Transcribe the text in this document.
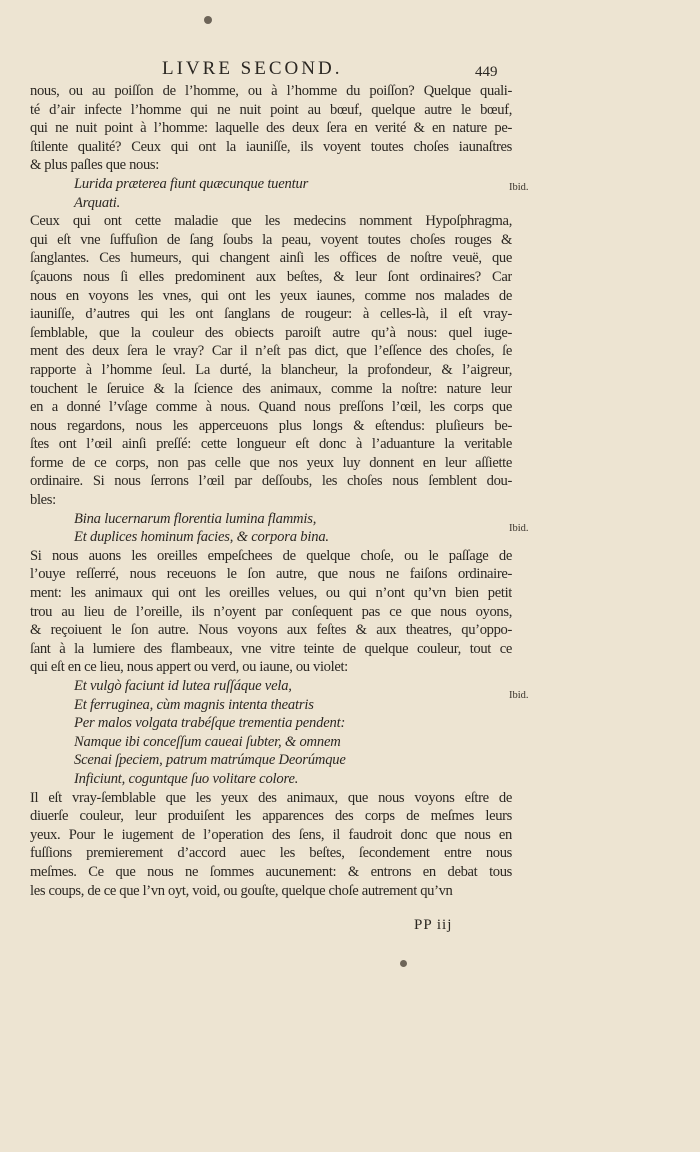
LIVRE SECOND.	449
nous, ou au poiſſon de l’homme, ou à l’homme du poiſſon? Quelque quali-
té d’air infecte l’homme qui ne nuit point au bœuf, quelque autre le bœuf,
qui ne nuit point à l’homme: laquelle des deux ſera en verité & en nature pe-
ſtilente qualité? Ceux qui ont la iauniſſe, ils voyent toutes choſes iaunaſtres
& plus paſles que nous:
Lurida præterea fiunt quæcunque tuentur
Arquati.
Ceux qui ont cette maladie que les medecins nomment Hypoſphragma,
qui eſt vne ſuffuſion de ſang ſoubs la peau, voyent toutes choſes rouges &
ſanglantes. Ces humeurs, qui changent ainſi les offices de noſtre veuë, que
ſçauons nous ſi elles predominent aux beſtes, & leur ſont ordinaires? Car
nous en voyons les vnes, qui ont les yeux iaunes, comme nos malades de
iauniſſe, d’autres qui les ont ſanglans de rougeur: à celles-là, il eſt vray-
ſemblable, que la couleur des obiects paroiſt autre qu’à nous: quel iuge-
ment des deux ſera le vray? Car il n’eſt pas dict, que l’eſſence des choſes, ſe
rapporte à l’homme ſeul. La durté, la blancheur, la profondeur, & l’aigreur,
touchent le ſeruice & la ſcience des animaux, comme la noſtre: nature leur
en a donné l’vſage comme à nous. Quand nous preſſons l’œil, les corps que
nous regardons, nous les apperceuons plus longs & eſtendus: pluſieurs be-
ſtes ont l’œil ainſi preſſé: cette longueur eſt donc à l’aduanture la veritable
forme de ce corps, non pas celle que nos yeux luy donnent en leur aſſiette
ordinaire. Si nous ſerrons l’œil par deſſoubs, les choſes nous ſemblent dou-
bles:
Bina lucernarum florentia lumina flammis,
Et duplices hominum facies, & corpora bina.
Si nous auons les oreilles empeſchees de quelque choſe, ou le paſſage de
l’ouye reſſerré, nous receuons le ſon autre, que nous ne faiſons ordinaire-
ment: les animaux qui ont les oreilles velues, ou qui n’ont qu’vn bien petit
trou au lieu de l’oreille, ils n’oyent par conſequent pas ce que nous oyons,
& reçoiuent le ſon autre. Nous voyons aux feſtes & aux theatres, qu’oppo-
ſant à la lumiere des flambeaux, vne vitre teinte de quelque couleur, tout ce
qui eſt en ce lieu, nous appert ou verd, ou iaune, ou violet:
Et vulgò faciunt id lutea ruſſáque vela,
Et ferruginea, cùm magnis intenta theatris
Per malos volgata trabéſque trementia pendent:
Namque ibi conceſſum caueai ſubter, & omnem
Scenai ſpeciem, patrum matrúmque Deorúmque
Inficiunt, coguntque ſuo volitare colore.
Il eſt vray-ſemblable que les yeux des animaux, que nous voyons eſtre de
diuerſe couleur, leur produiſent les apparences des corps de meſmes leurs
yeux. Pour le iugement de l’operation des ſens, il faudroit donc que nous en
fuſſions premierement d’accord auec les beſtes, ſecondement entre nous
meſmes. Ce que nous ne ſommes aucunement: & entrons en debat tous
les coups, de ce que l’vn oyt, void, ou gouſte, quelque choſe autrement qu’vn
Ibid.
Ibid.
Ibid.
PP iij
